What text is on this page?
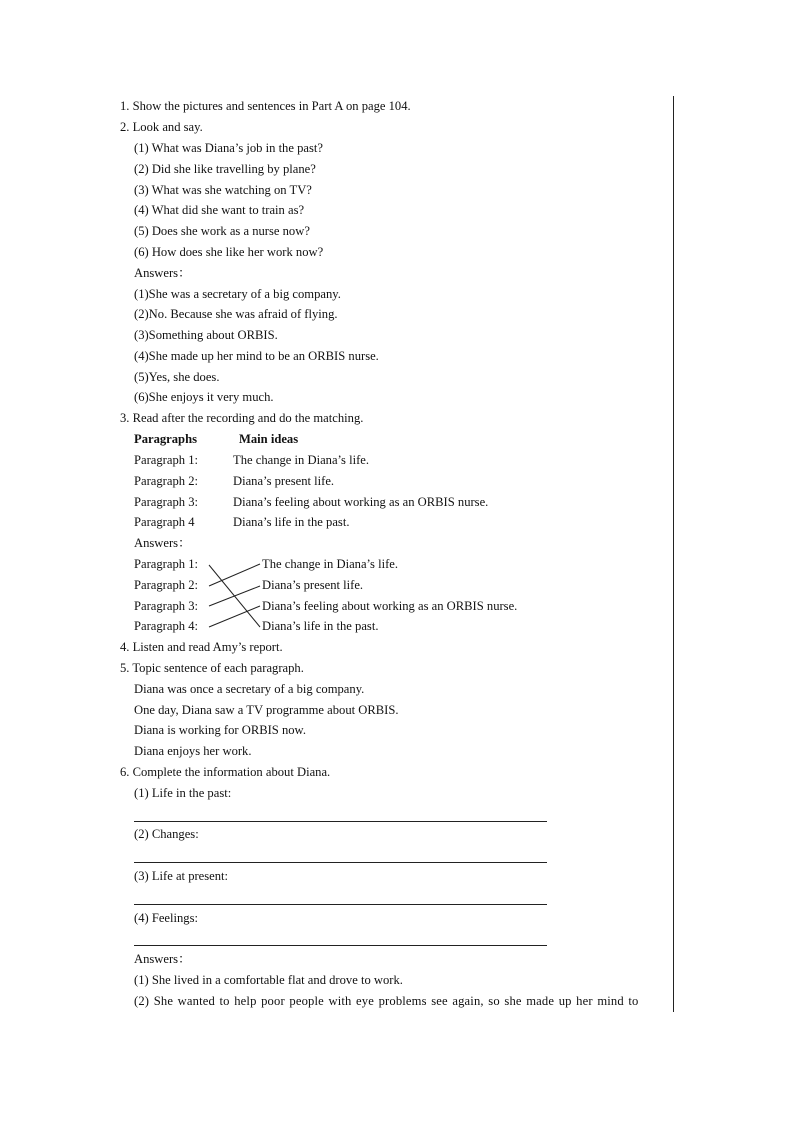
1. Show the pictures and sentences in Part A on page 104.
2. Look and say.
(1) What was Diana’s job in the past?
(2) Did she like travelling by plane?
(3) What was she watching on TV?
(4) What did she want to train as?
(5) Does she work as a nurse now?
(6) How does she like her work now?
Answers：
(1)She was a secretary of a big company.
(2)No. Because she was afraid of flying.
(3)Something about ORBIS.
(4)She made up her mind to be an ORBIS nurse.
(5)Yes, she does.
(6)She enjoys it very much.
3. Read after the recording and do the matching.
Paragraphs	Main ideas
Paragraph 1:	The change in Diana’s life.
Paragraph 2:	Diana’s present life.
Paragraph 3:	Diana’s feeling about working as an ORBIS nurse.
Paragraph 4	Diana’s life in the past.
Answers：
Paragraph 1:	The change in Diana’s life.
Paragraph 2:	Diana’s present life.
Paragraph 3:	Diana’s feeling about working as an ORBIS nurse.
Paragraph 4:	Diana’s life in the past.
4. Listen and read Amy’s report.
5. Topic sentence of each paragraph.
Diana was once a secretary of a big company.
One day, Diana saw a TV programme about ORBIS.
Diana is working for ORBIS now.
Diana enjoys her work.
6. Complete the information about Diana.
(1) Life in the past:
(2) Changes:
(3) Life at present:
(4) Feelings:
Answers：
(1) She lived in a comfortable flat and drove to work.
(2) She wanted to help poor people with eye problems see again, so she made up her mind to
